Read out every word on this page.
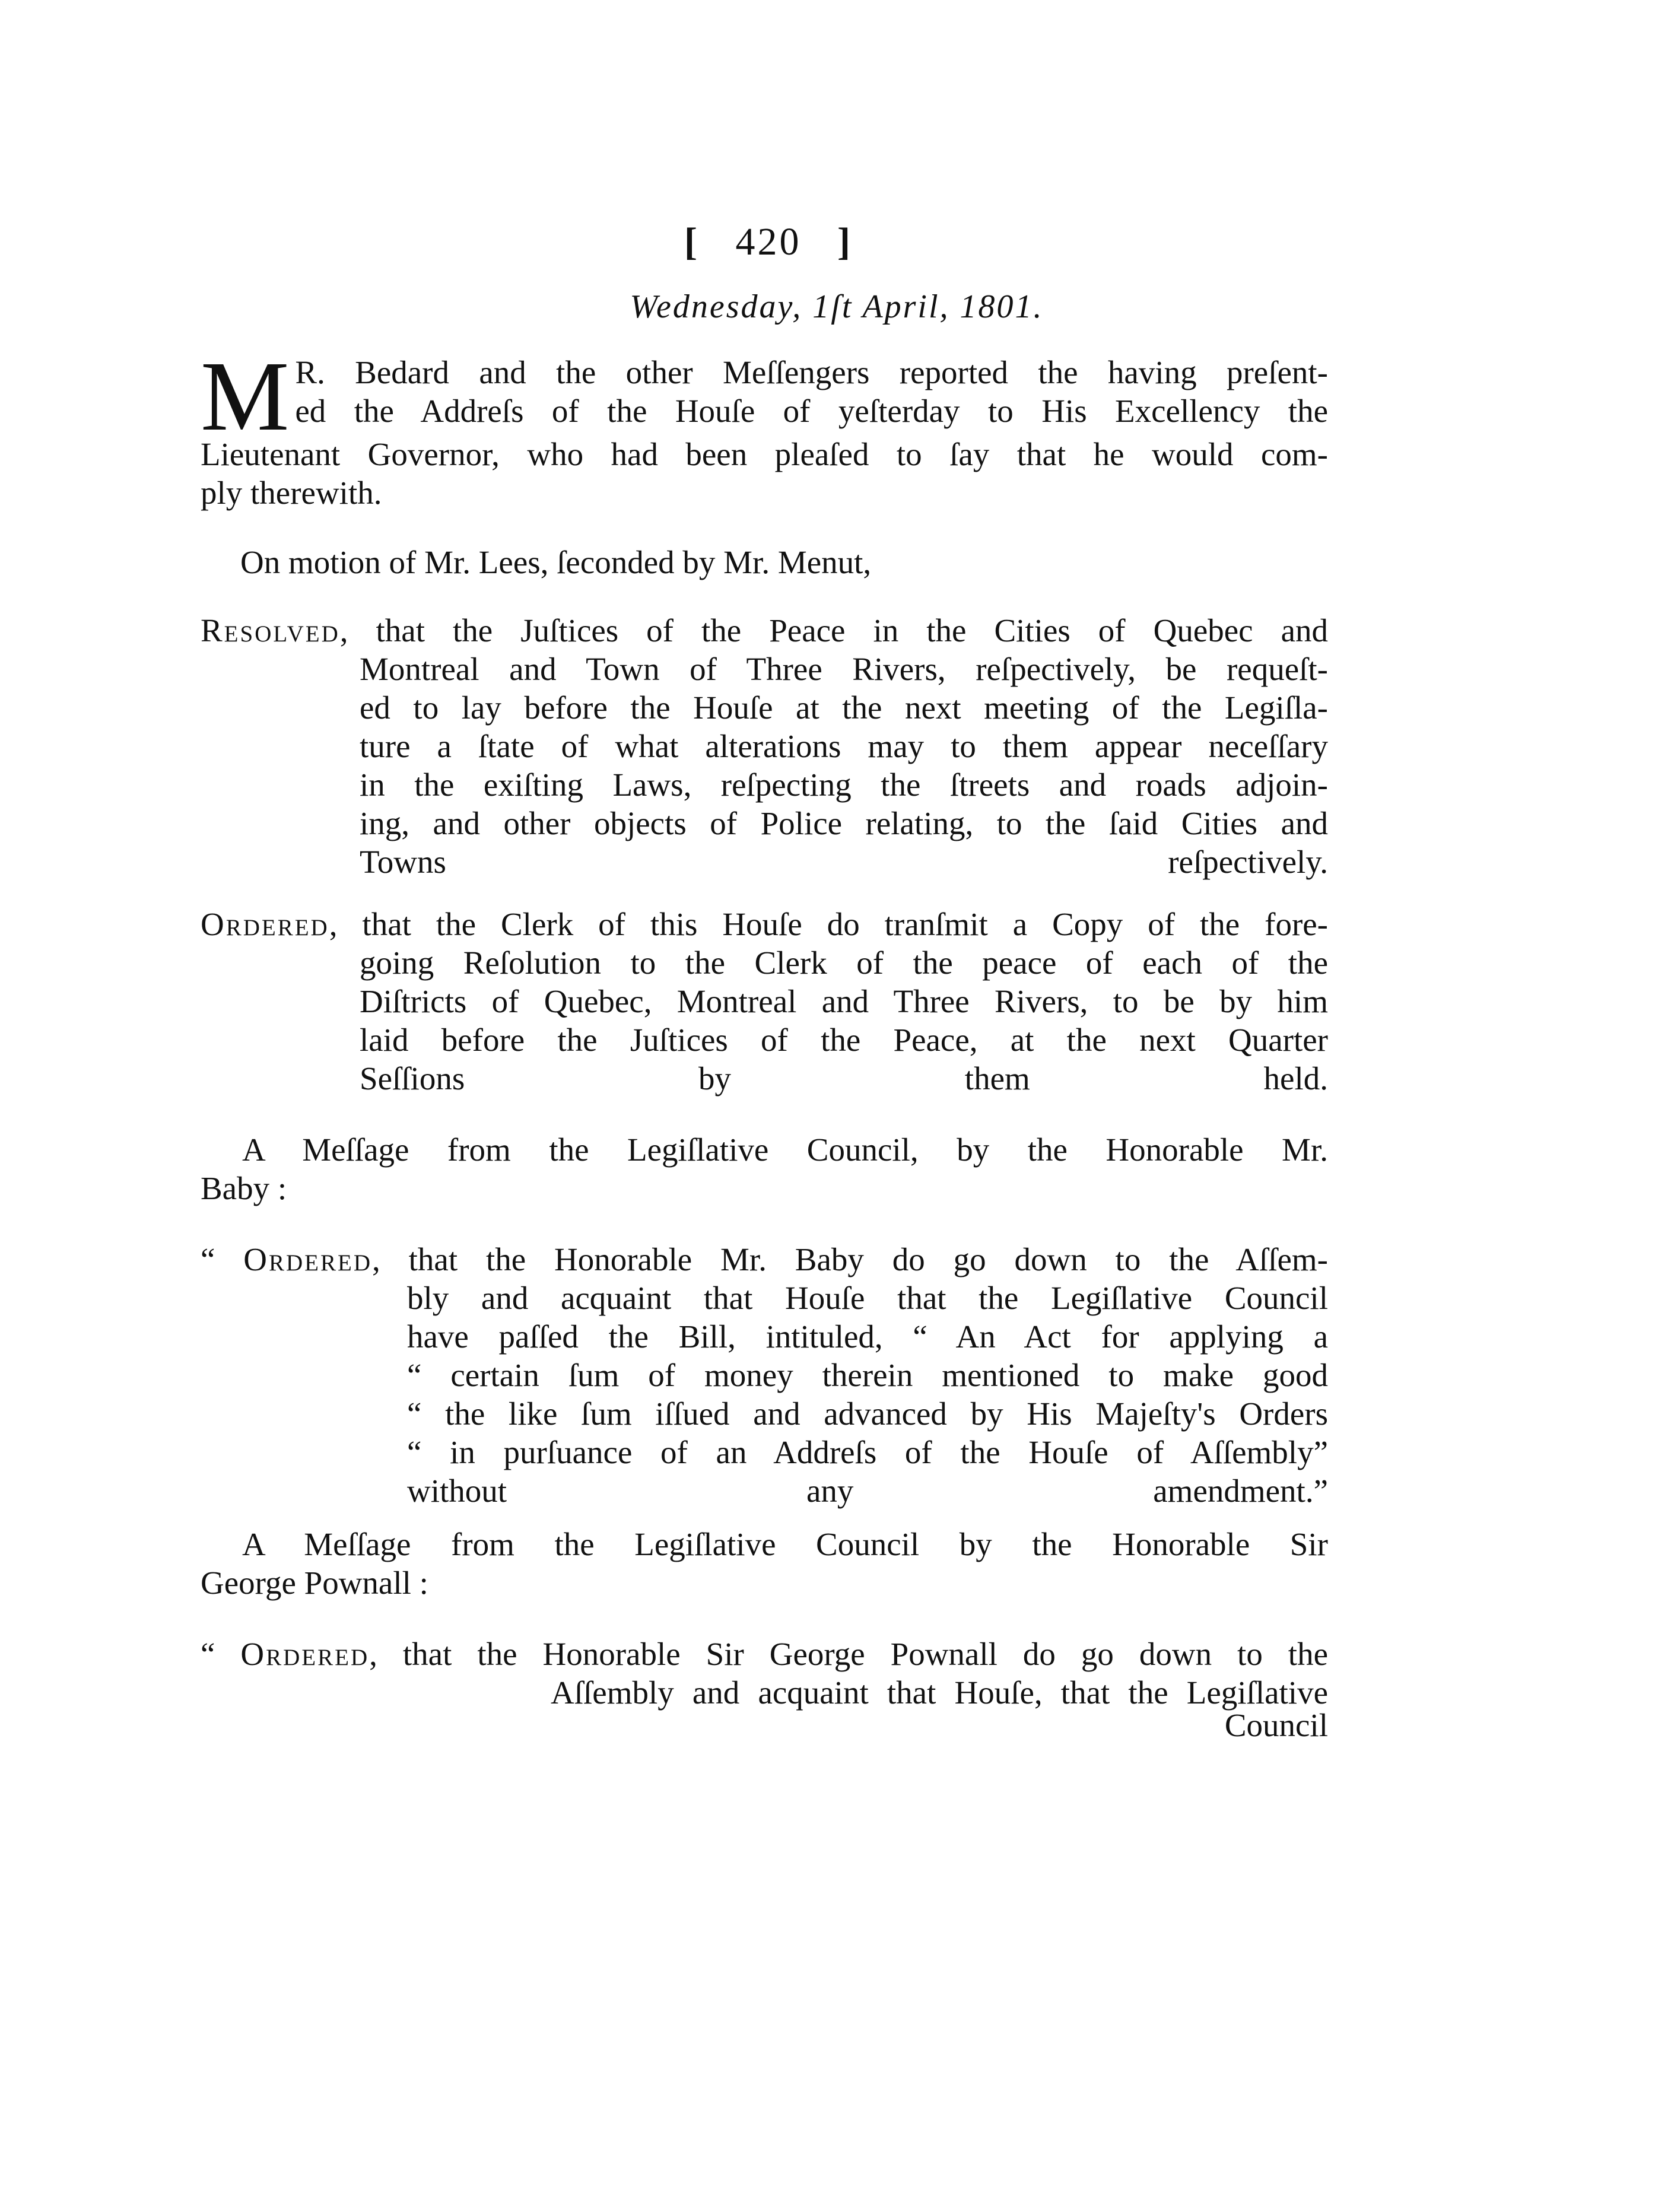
[ 420 ]
Wednesday, 1ſt April, 1801.
M R. Bedard and the other Meſſengers reported the having preſent-
ed the Addreſs of the Houſe of yeſterday to His Excellency the
Lieutenant Governor, who had been pleaſed to ſay that he would com-
ply therewith.
On motion of Mr. Lees, ſeconded by Mr. Menut,
Resolved, that the Juſtices of the Peace in the Cities of Quebec and
Montreal and Town of Three Rivers, reſpectively, be requeſt-
ed to lay before the Houſe at the next meeting of the Legiſla-
ture a ſtate of what alterations may to them appear neceſſary
in the exiſting Laws, reſpecting the ſtreets and roads adjoin-
ing, and other objects of Police relating, to the ſaid Cities and
Towns reſpectively.
Ordered, that the Clerk of this Houſe do tranſmit a Copy of the fore-
going Reſolution to the Clerk of the peace of each of the
Diſtricts of Quebec, Montreal and Three Rivers, to be by him
laid before the Juſtices of the Peace, at the next Quarter
Seſſions by them held.
A Meſſage from the Legiſlative Council, by the Honorable Mr.
Baby :
“ Ordered, that the Honorable Mr. Baby do go down to the Aſſem-
bly and acquaint that Houſe that the Legiſlative Council
have paſſed the Bill, intituled, “ An Act for applying a
“ certain ſum of money therein mentioned to make good
“ the like ſum iſſued and advanced by His Majeſty's Orders
“ in purſuance of an Addreſs of the Houſe of Aſſembly”
without any amendment.”
A Meſſage from the Legiſlative Council by the Honorable Sir
George Pownall :
“ Ordered, that the Honorable Sir George Pownall do go down to the
Aſſembly and acquaint that Houſe, that the Legiſlative
Council
